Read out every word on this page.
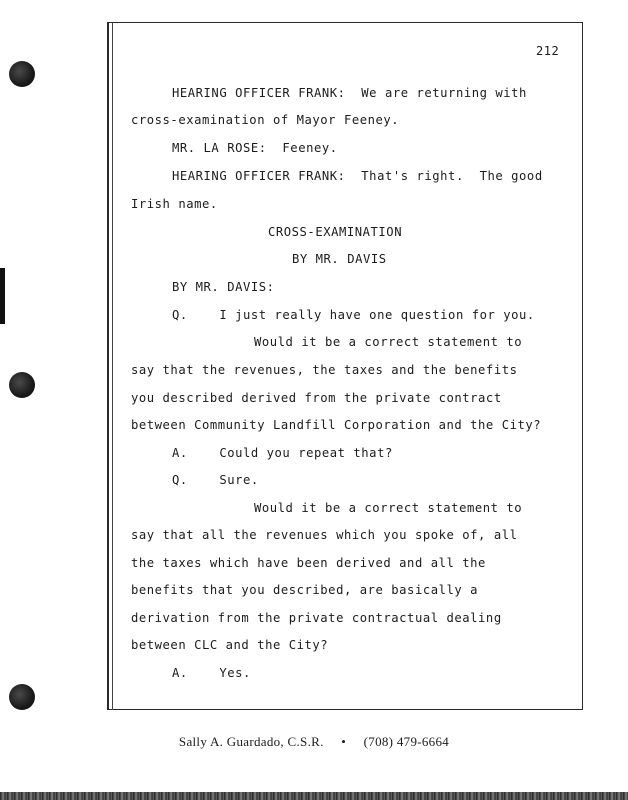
212
HEARING OFFICER FRANK:  We are returning with
cross-examination of Mayor Feeney.
MR. LA ROSE:  Feeney.
HEARING OFFICER FRANK:  That's right.  The good
Irish name.
CROSS-EXAMINATION
BY MR. DAVIS
BY MR. DAVIS:
Q.    I just really have one question for you.
Would it be a correct statement to
say that the revenues, the taxes and the benefits
you described derived from the private contract
between Community Landfill Corporation and the City?
A.    Could you repeat that?
Q.    Sure.
Would it be a correct statement to
say that all the revenues which you spoke of, all
the taxes which have been derived and all the
benefits that you described, are basically a
derivation from the private contractual dealing
between CLC and the City?
A.    Yes.
Sally A. Guardado, C.S.R. • (708) 479-6664
